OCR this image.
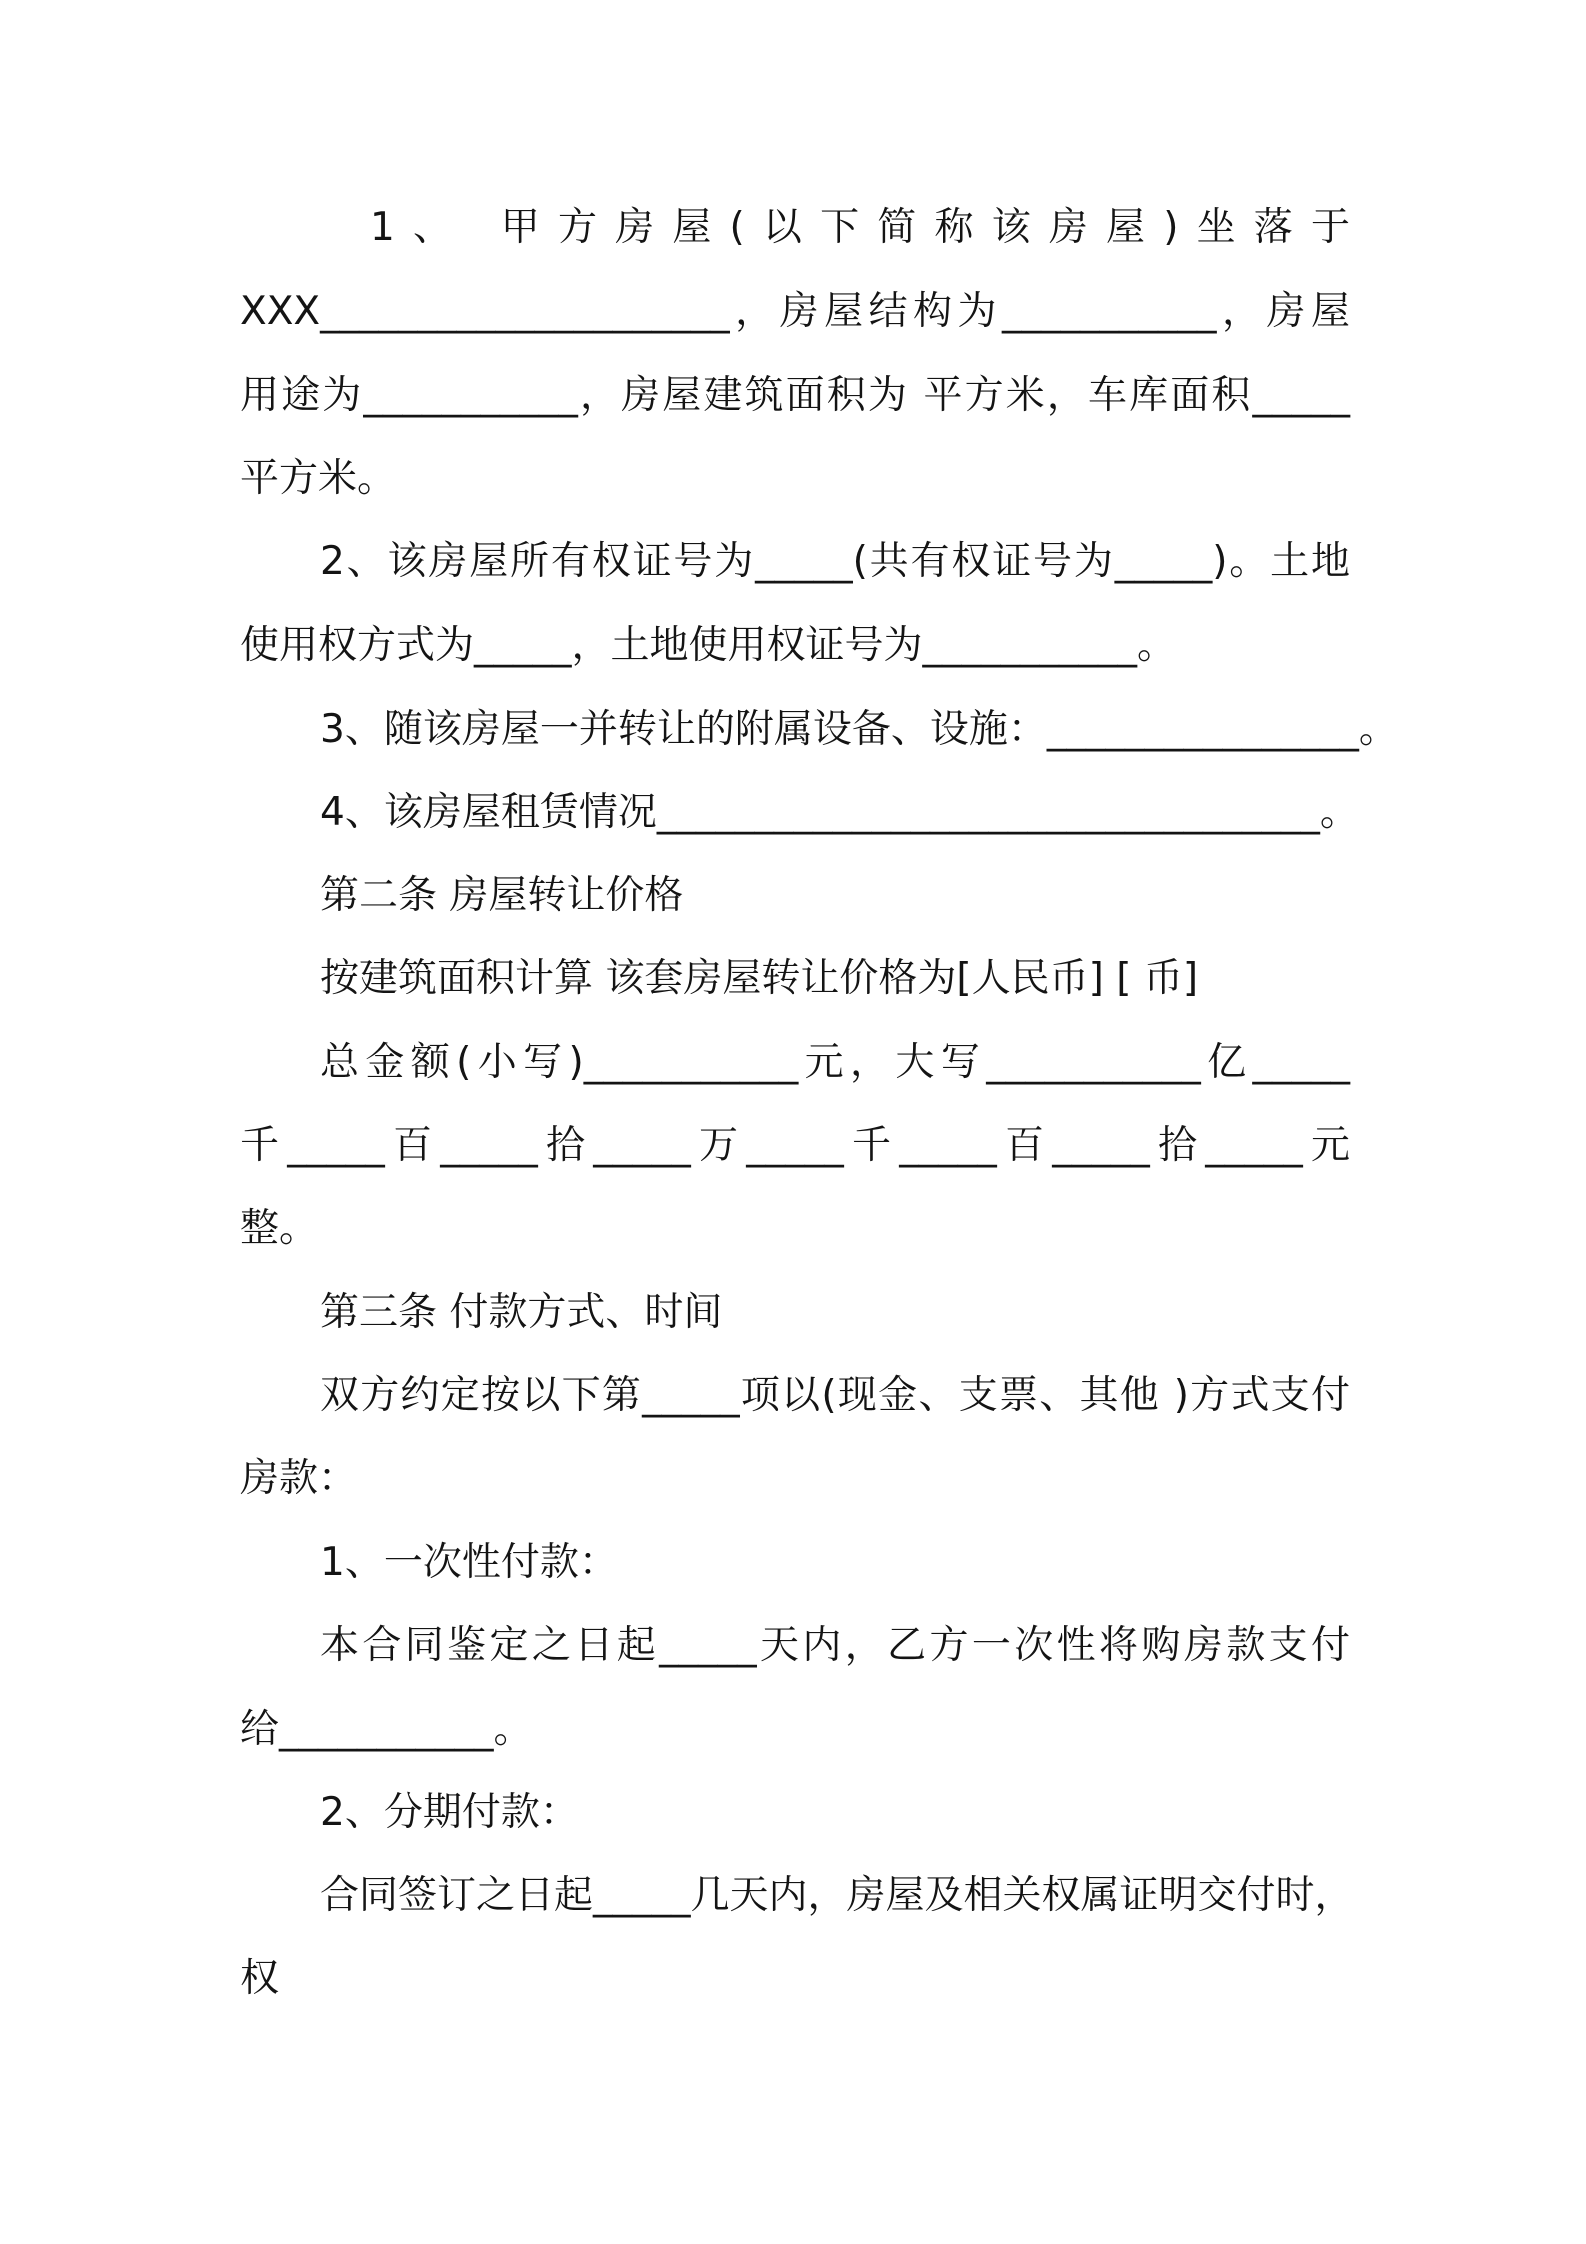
1、 甲方房屋(以下简称该房屋)坐落于
XXX_____________________，房屋结构为___________，房屋
用途为___________，房屋建筑面积为 平方米，车库面积_____
平方米。
2、该房屋所有权证号为_____(共有权证号为_____)。土地
使用权方式为_____，土地使用权证号为___________。
3、随该房屋一并转让的附属设备、设施：________________。
4、该房屋租赁情况__________________________________。
第二条 房屋转让价格
按建筑面积计算 该套房屋转让价格为[人民币] [ 币]
总金额(小写)___________元，大写___________亿_____
千_____百_____拾_____万_____千_____百_____拾_____元
整。
第三条 付款方式、时间
双方约定按以下第_____项以(现金、支票、其他 )方式支付
房款：
1、一次性付款：
本合同鉴定之日起_____天内，乙方一次性将购房款支付
给___________。
2、分期付款：
合同签订之日起_____几天内，房屋及相关权属证明交付时，
权
